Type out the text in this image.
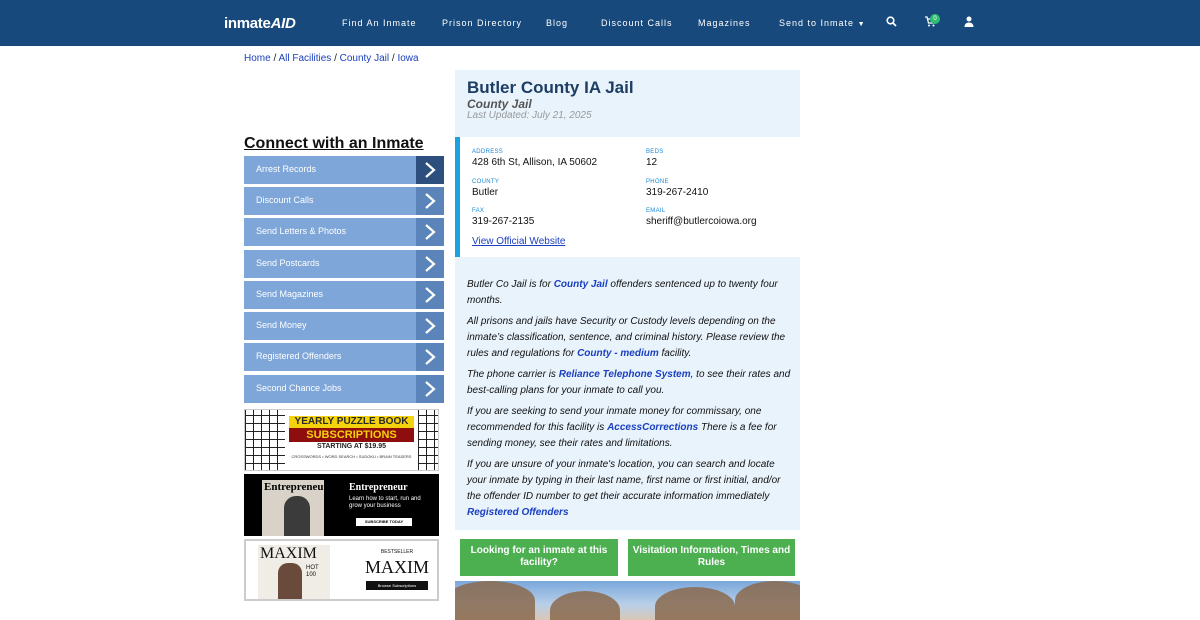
inmateAID	Find An Inmate	Prison Directory	Blog	Discount Calls	Magazines	Send to Inmate ▼
0
Home / All Facilities / County Jail / Iowa
Connect with an Inmate
Arrest Records
Discount Calls
Send Letters & Photos
Send Postcards
Send Magazines
Send Money
Registered Offenders
Second Chance Jobs
YEARLY PUZZLE BOOK
SUBSCRIPTIONS
STARTING AT $19.95
CROSSWORDS • WORD SEARCH • SUDOKU • BRAIN TEASERS
Entrepreneur Entrepreneur
Learn how to start, run and grow your business
SUBSCRIBE TODAY
MAXIM
HOT 100
BESTSELLER
MAXIM
Browse Subscriptions
Butler County IA Jail
County Jail
Last Updated: July 21, 2025
ADDRESS
428 6th St, Allison, IA 50602
BEDS
12
COUNTY
Butler
PHONE
319-267-2410
FAX
319-267-2135
EMAIL
sheriff@butlercoiowa.org
View Official Website
Butler Co Jail is for County Jail offenders sentenced up to twenty four months.
All prisons and jails have Security or Custody levels depending on the inmate’s classification, sentence, and criminal history. Please review the rules and regulations for County - medium facility.
The phone carrier is Reliance Telephone System, to see their rates and best-calling plans for your inmate to call you.
If you are seeking to send your inmate money for commissary, one recommended for this facility is AccessCorrections There is a fee for sending money, see their rates and limitations.
If you are unsure of your inmate's location, you can search and locate your inmate by typing in their last name, first name or first initial, and/or the offender ID number to get their accurate information immediately Registered Offenders
Looking for an inmate at this facility?
Visitation Information, Times and Rules
